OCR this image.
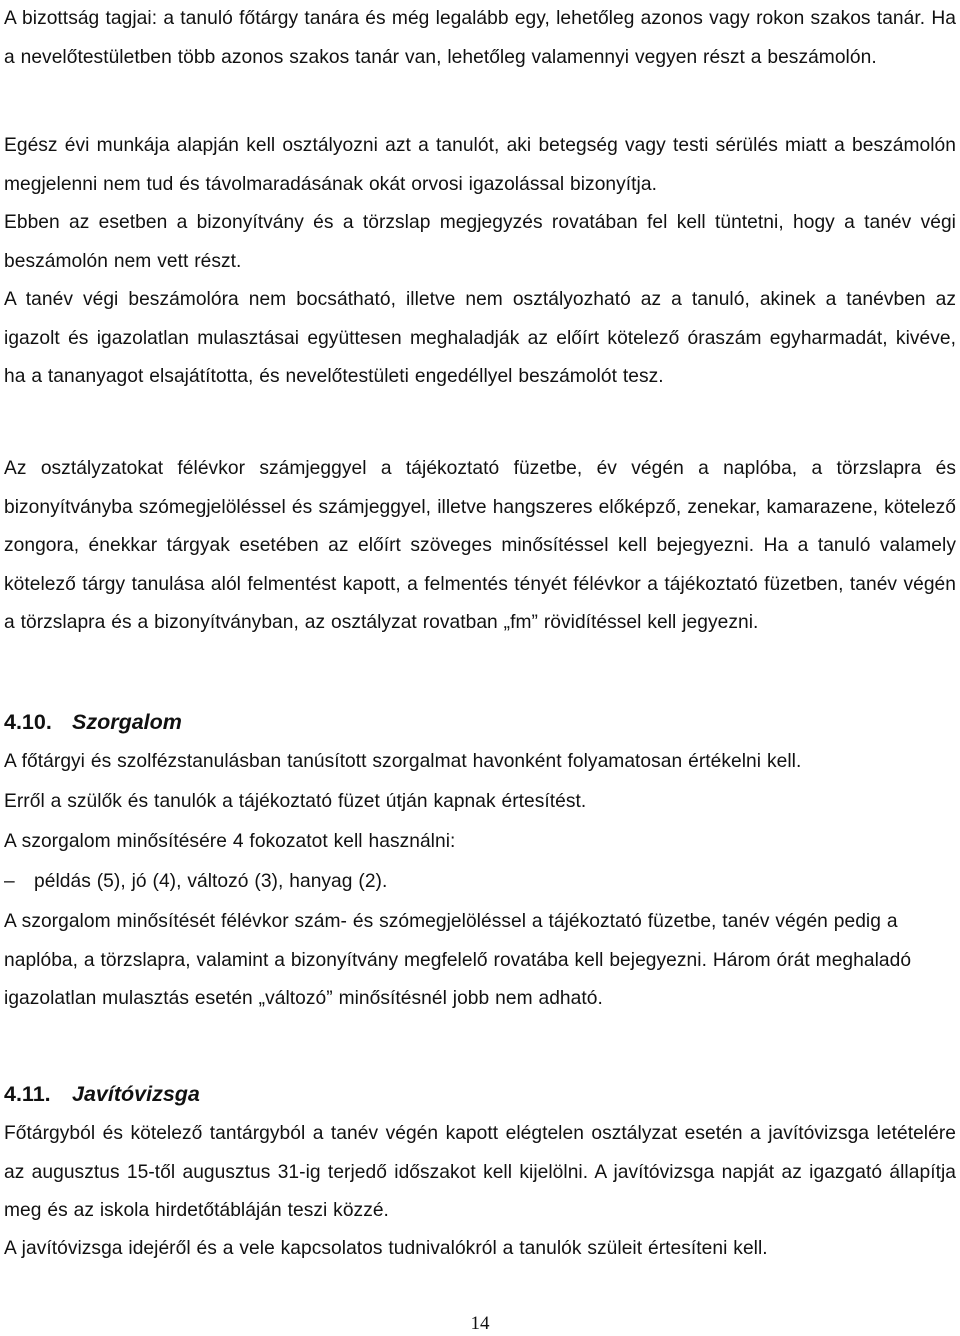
A bizottság tagjai: a tanuló főtárgy tanára és még legalább egy, lehetőleg azonos vagy rokon szakos tanár. Ha a nevelőtestületben több azonos szakos tanár van, lehetőleg valamennyi vegyen részt a beszámolón.

Egész évi munkája alapján kell osztályozni azt a tanulót, aki betegség vagy testi sérülés miatt a beszámolón megjelenni nem tud és távolmaradásának okát orvosi igazolással bizonyítja.

Ebben az esetben a bizonyítvány és a törzslap megjegyzés rovatában fel kell tüntetni, hogy a tanév végi beszámolón nem vett részt.

A tanév végi beszámolóra nem bocsátható, illetve nem osztályozható az a tanuló, akinek a tanévben az igazolt és igazolatlan mulasztásai együttesen meghaladják az előírt kötelező óraszám egyharmadát, kivéve, ha a tananyagot elsajátította, és nevelőtestületi engedéllyel beszámolót tesz.

Az osztályzatokat félévkor számjeggyel a tájékoztató füzetbe, év végén a naplóba, a törzslapra és bizonyítványba szómegjelöléssel és számjeggyel, illetve hangszeres előképző, zenekar, kamarazene, kötelező zongora, énekkar tárgyak esetében az előírt szöveges minősítéssel kell bejegyezni. Ha a tanuló valamely kötelező tárgy tanulása alól felmentést kapott, a felmentés tényét félévkor a tájékoztató füzetben, tanév végén a törzslapra és a bizonyítványban, az osztályzat rovatban „fm” rövidítéssel kell jegyezni.

4.10. Szorgalom

A főtárgyi és szolfézstanulásban tanúsított szorgalmat havonként folyamatosan értékelni kell.

Erről a szülők és tanulók a tájékoztató füzet útján kapnak értesítést.

A szorgalom minősítésére 4 fokozatot kell használni:

–	példás (5), jó (4), változó (3), hanyag (2).

A szorgalom minősítését félévkor szám- és szómegjelöléssel a tájékoztató füzetbe, tanév végén pedig a naplóba, a törzslapra, valamint a bizonyítvány megfelelő rovatába kell bejegyezni. Három órát meghaladó igazolatlan mulasztás esetén „változó” minősítésnél jobb nem adható.

4.11. Javítóvizsga

Főtárgyból és kötelező tantárgyból a tanév végén kapott elégtelen osztályzat esetén a javítóvizsga letételére az augusztus 15-től augusztus 31-ig terjedő időszakot kell kijelölni. A javítóvizsga napját az igazgató állapítja meg és az iskola hirdetőtábláján teszi közzé.

A javítóvizsga idejéről és a vele kapcsolatos tudnivalókról a tanulók szüleit értesíteni kell.

14
